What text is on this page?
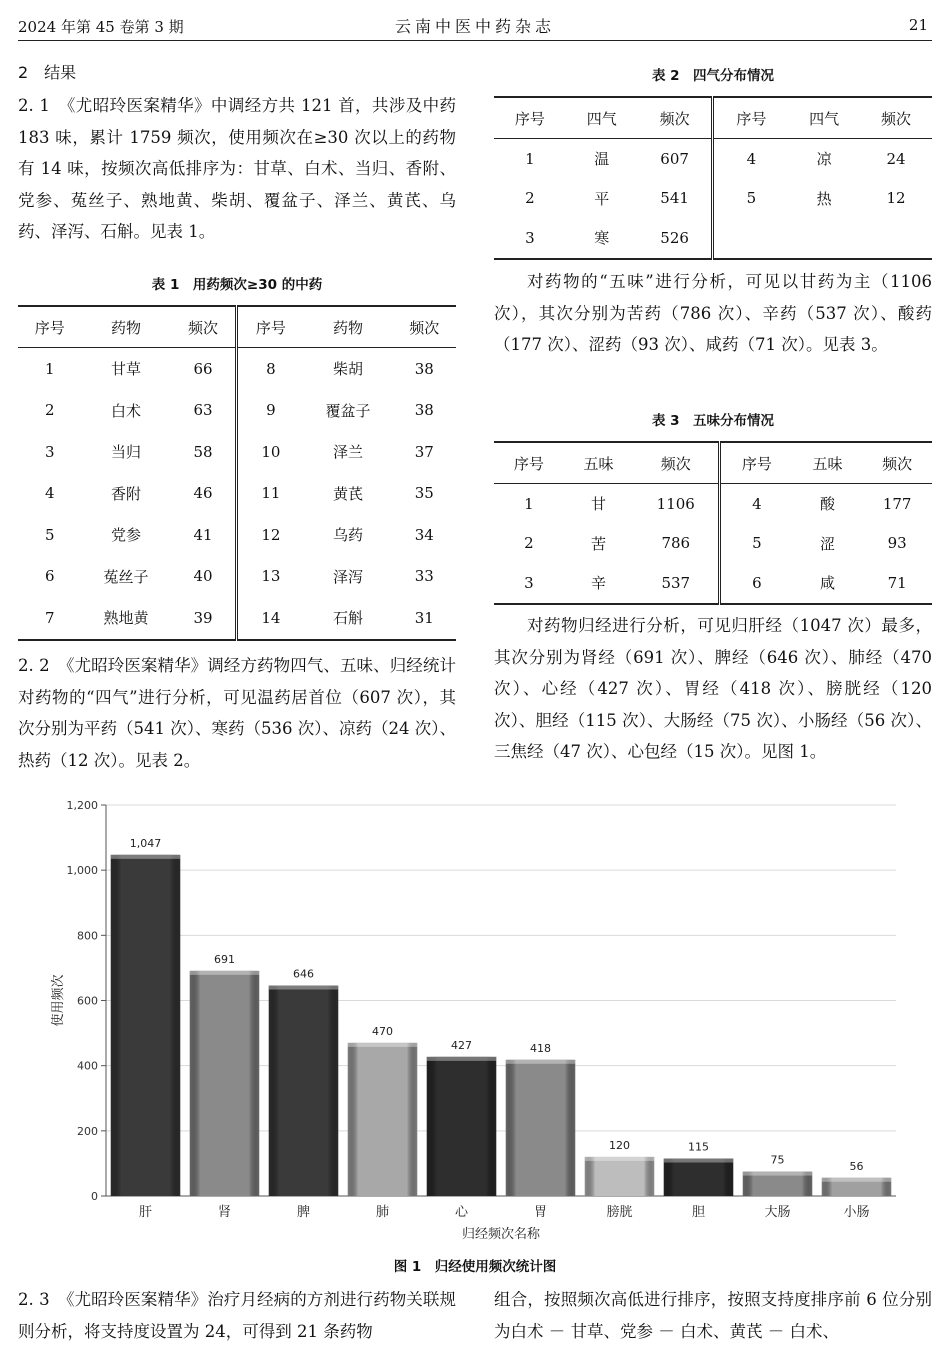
2024 年第 45 卷第 3 期	云南中医中药杂志	21
2　结果

2. 1　《尤昭玲医案精华》中调经方共 121 首，共涉及中药 183 味，累计 1759 频次，使用频次在≥30 次以上的药物有 14 味，按频次高低排序为：甘草、白术、当归、香附、党参、菟丝子、熟地黄、柴胡、覆盆子、泽兰、黄芪、乌药、泽泻、石斛。见表 1。

表 1　用药频次≥30 的中药
序号	药物	频次	序号	药物	频次
1	甘草	66	8	柴胡	38
2	白术	63	9	覆盆子	38
3	当归	58	10	泽兰	37
4	香附	46	11	黄芪	35
5	党参	41	12	乌药	34
6	菟丝子	40	13	泽泻	33
7	熟地黄	39	14	石斛	31

2. 2　《尤昭玲医案精华》调经方药物四气、五味、归经统计　对药物的“四气”进行分析，可见温药居首位（607 次），其次分别为平药（541 次）、寒药（536 次）、凉药（24 次）、热药（12 次）。见表 2。

表 2　四气分布情况
序号	四气	频次	序号	四气	频次
1	温	607	4	凉	24
2	平	541	5	热	12
3	寒	526			

对药物的“五味”进行分析，可见以甘药为主（1106 次），其次分别为苦药（786 次）、辛药（537 次）、酸药（177 次）、涩药（93 次）、咸药（71 次）。见表 3。

表 3　五味分布情况
序号	五味	频次	序号	五味	频次
1	甘	1106	4	酸	177
2	苦	786	5	涩	93
3	辛	537	6	咸	71

对药物归经进行分析，可见归肝经（1047 次）最多，其次分别为肾经（691 次）、脾经（646 次）、肺经（470 次）、心经（427 次）、胃经（418 次）、膀胱经（120 次）、胆经（115 次）、大肠经（75 次）、小肠经（56 次）、三焦经（47 次）、心包经（15 次）。见图 1。

0
200
400
600
800
1,000
1,200
1,047
肝
691
肾
646
脾
470
肺
427
心
418
胃
120
膀胱
115
胆
75
大肠
56
小肠
归经频次名称
使用频次
图 1　归经使用频次统计图

2. 3　《尤昭玲医案精华》治疗月经病的方剂进行药物关联规则分析，将支持度设置为 24，可得到 21 条药物

组合，按照频次高低进行排序，按照支持度排序前 6 位分别为白术 － 甘草、党参 － 白术、黄芪 － 白术、
